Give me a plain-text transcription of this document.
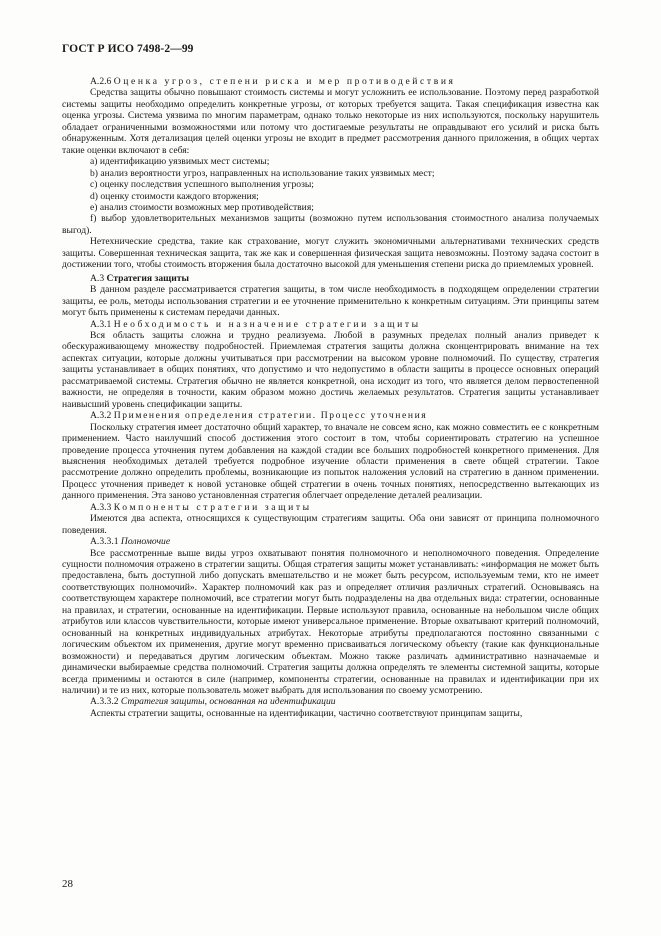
ГОСТ Р ИСО 7498-2—99

А.2.6 Оценка угроз, степени риска и мер противодействия

Средства защиты обычно повышают стоимость системы и могут усложнить ее использование. Поэтому перед разработкой системы защиты необходимо определить конкретные угрозы, от которых требуется защита. Такая спецификация известна как оценка угрозы. Система уязвима по многим параметрам, однако только некоторые из них используются, поскольку нарушитель обладает ограниченными возможностями или потому что достигаемые результаты не оправдывают его усилий и риска быть обнаруженным. Хотя детализация целей оценки угрозы не входит в предмет рассмотрения данного приложения, в общих чертах такие оценки включают в себя:

a) идентификацию уязвимых мест системы;

b) анализ вероятности угроз, направленных на использование таких уязвимых мест;

c) оценку последствия успешного выполнения угрозы;

d) оценку стоимости каждого вторжения;

e) анализ стоимости возможных мер противодействия;

f) выбор удовлетворительных механизмов защиты (возможно путем использования стоимостного анализа получаемых выгод).

Нетехнические средства, такие как страхование, могут служить экономичными альтернативами технических средств защиты. Совершенная техническая защита, так же как и совершенная физическая защита невозможны. Поэтому задача состоит в достижении того, чтобы стоимость вторжения была достаточно высокой для уменьшения степени риска до приемлемых уровней.

А.3 Стратегия защиты

В данном разделе рассматривается стратегия защиты, в том числе необходимость в подходящем определении стратегии защиты, ее роль, методы использования стратегии и ее уточнение применительно к конкретным ситуациям. Эти принципы затем могут быть применены к системам передачи данных.

А.3.1 Необходимость и назначение стратегии защиты

Вся область защиты сложна и трудно реализуема. Любой в разумных пределах полный анализ приведет к обескураживающему множеству подробностей. Приемлемая стратегия защиты должна сконцентрировать внимание на тех аспектах ситуации, которые должны учитываться при рассмотрении на высоком уровне полномочий. По существу, стратегия защиты устанавливает в общих понятиях, что допустимо и что недопустимо в области защиты в процессе основных операций рассматриваемой системы. Стратегия обычно не является конкретной, она исходит из того, что является делом первостепенной важности, не определяя в точности, каким образом можно достичь желаемых результатов. Стратегия защиты устанавливает наивысший уровень спецификации защиты.

А.3.2 Применения определения стратегии. Процесс уточнения

Поскольку стратегия имеет достаточно общий характер, то вначале не совсем ясно, как можно совместить ее с конкретным применением. Часто наилучший способ достижения этого состоит в том, чтобы сориентировать стратегию на успешное проведение процесса уточнения путем добавления на каждой стадии все больших подробностей конкретного применения. Для выяснения необходимых деталей требуется подробное изучение области применения в свете общей стратегии. Такое рассмотрение должно определить проблемы, возникающие из попыток наложения условий на стратегию в данном применении. Процесс уточнения приведет к новой установке общей стратегии в очень точных понятиях, непосредственно вытекающих из данного применения. Эта заново установленная стратегия облегчает определение деталей реализации.

А.3.3 Компоненты стратегии защиты

Имеются два аспекта, относящихся к существующим стратегиям защиты. Оба они зависят от принципа полномочного поведения.

А.3.3.1 Полномочие

Все рассмотренные выше виды угроз охватывают понятия полномочного и неполномочного поведения. Определение сущности полномочия отражено в стратегии защиты. Общая стратегия защиты может устанавливать: «информация не может быть предоставлена, быть доступной либо допускать вмешательство и не может быть ресурсом, используемым теми, кто не имеет соответствующих полномочий». Характер полномочий как раз и определяет отличия различных стратегий. Основываясь на соответствующем характере полномочий, все стратегии могут быть подразделены на два отдельных вида: стратегии, основанные на правилах, и стратегии, основанные на идентификации. Первые используют правила, основанные на небольшом числе общих атрибутов или классов чувствительности, которые имеют универсальное применение. Вторые охватывают критерий полномочий, основанный на конкретных индивидуальных атрибутах. Некоторые атрибуты предполагаются постоянно связанными с логическим объектом их применения, другие могут временно присваиваться логическому объекту (такие как функциональные возможности) и передаваться другим логическим объектам. Можно также различать административно назначаемые и динамически выбираемые средства полномочий. Стратегия защиты должна определять те элементы системной защиты, которые всегда применимы и остаются в силе (например, компоненты стратегии, основанные на правилах и идентификации при их наличии) и те из них, которые пользователь может выбрать для использования по своему усмотрению.

А.3.3.2 Стратегия защиты, основанная на идентификации

Аспекты стратегии защиты, основанные на идентификации, частично соответствуют принципам защиты,

28
